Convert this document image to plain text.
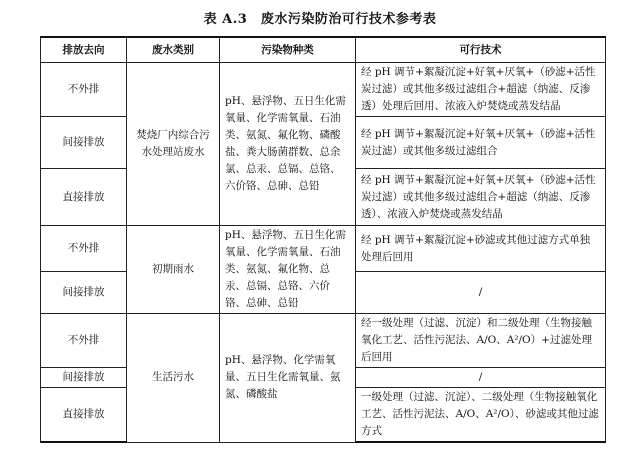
表 A.3　废水污染防治可行技术参考表
排放去向	废水类别	污染物种类	可行技术
不外排	焚烧厂内综合污水处理站废水	pH、悬浮物、五日生化需氧量、化学需氧量、石油类、氨氮、氟化物、磷酸盐、粪大肠菌群数、总余氯、总汞、总镉、总铬、六价铬、总砷、总铅	经 pH 调节+絮凝沉淀+好氧+厌氧+（砂滤+活性炭过滤）或其他多级过滤组合+超滤（纳滤、反渗透）处理后回用、浓液入炉焚烧或蒸发结晶
间接排放			经 pH 调节+絮凝沉淀+好氧+厌氧+（砂滤+活性炭过滤）或其他多级过滤组合
直接排放			经 pH 调节+絮凝沉淀+好氧+厌氧+（砂滤+活性炭过滤）或其他多级过滤组合+超滤（纳滤、反渗透）、浓液入炉焚烧或蒸发结晶
不外排	初期雨水	pH、悬浮物、五日生化需氧量、化学需氧量、石油类、氨氮、氟化物、总汞、总镉、总铬、六价铬、总砷、总铅	经 pH 调节+絮凝沉淀+砂滤或其他过滤方式单独处理后回用
间接排放			/
不外排	生活污水	pH、悬浮物、化学需氧量、五日生化需氧量、氨氮、磷酸盐	经一级处理（过滤、沉淀）和二级处理（生物接触氧化工艺、活性污泥法、A/O、A²/O）+过滤处理后回用
间接排放			/
直接排放			一级处理（过滤、沉淀）、二级处理（生物接触氧化工艺、活性污泥法、A/O、A²/O）、砂滤或其他过滤方式
